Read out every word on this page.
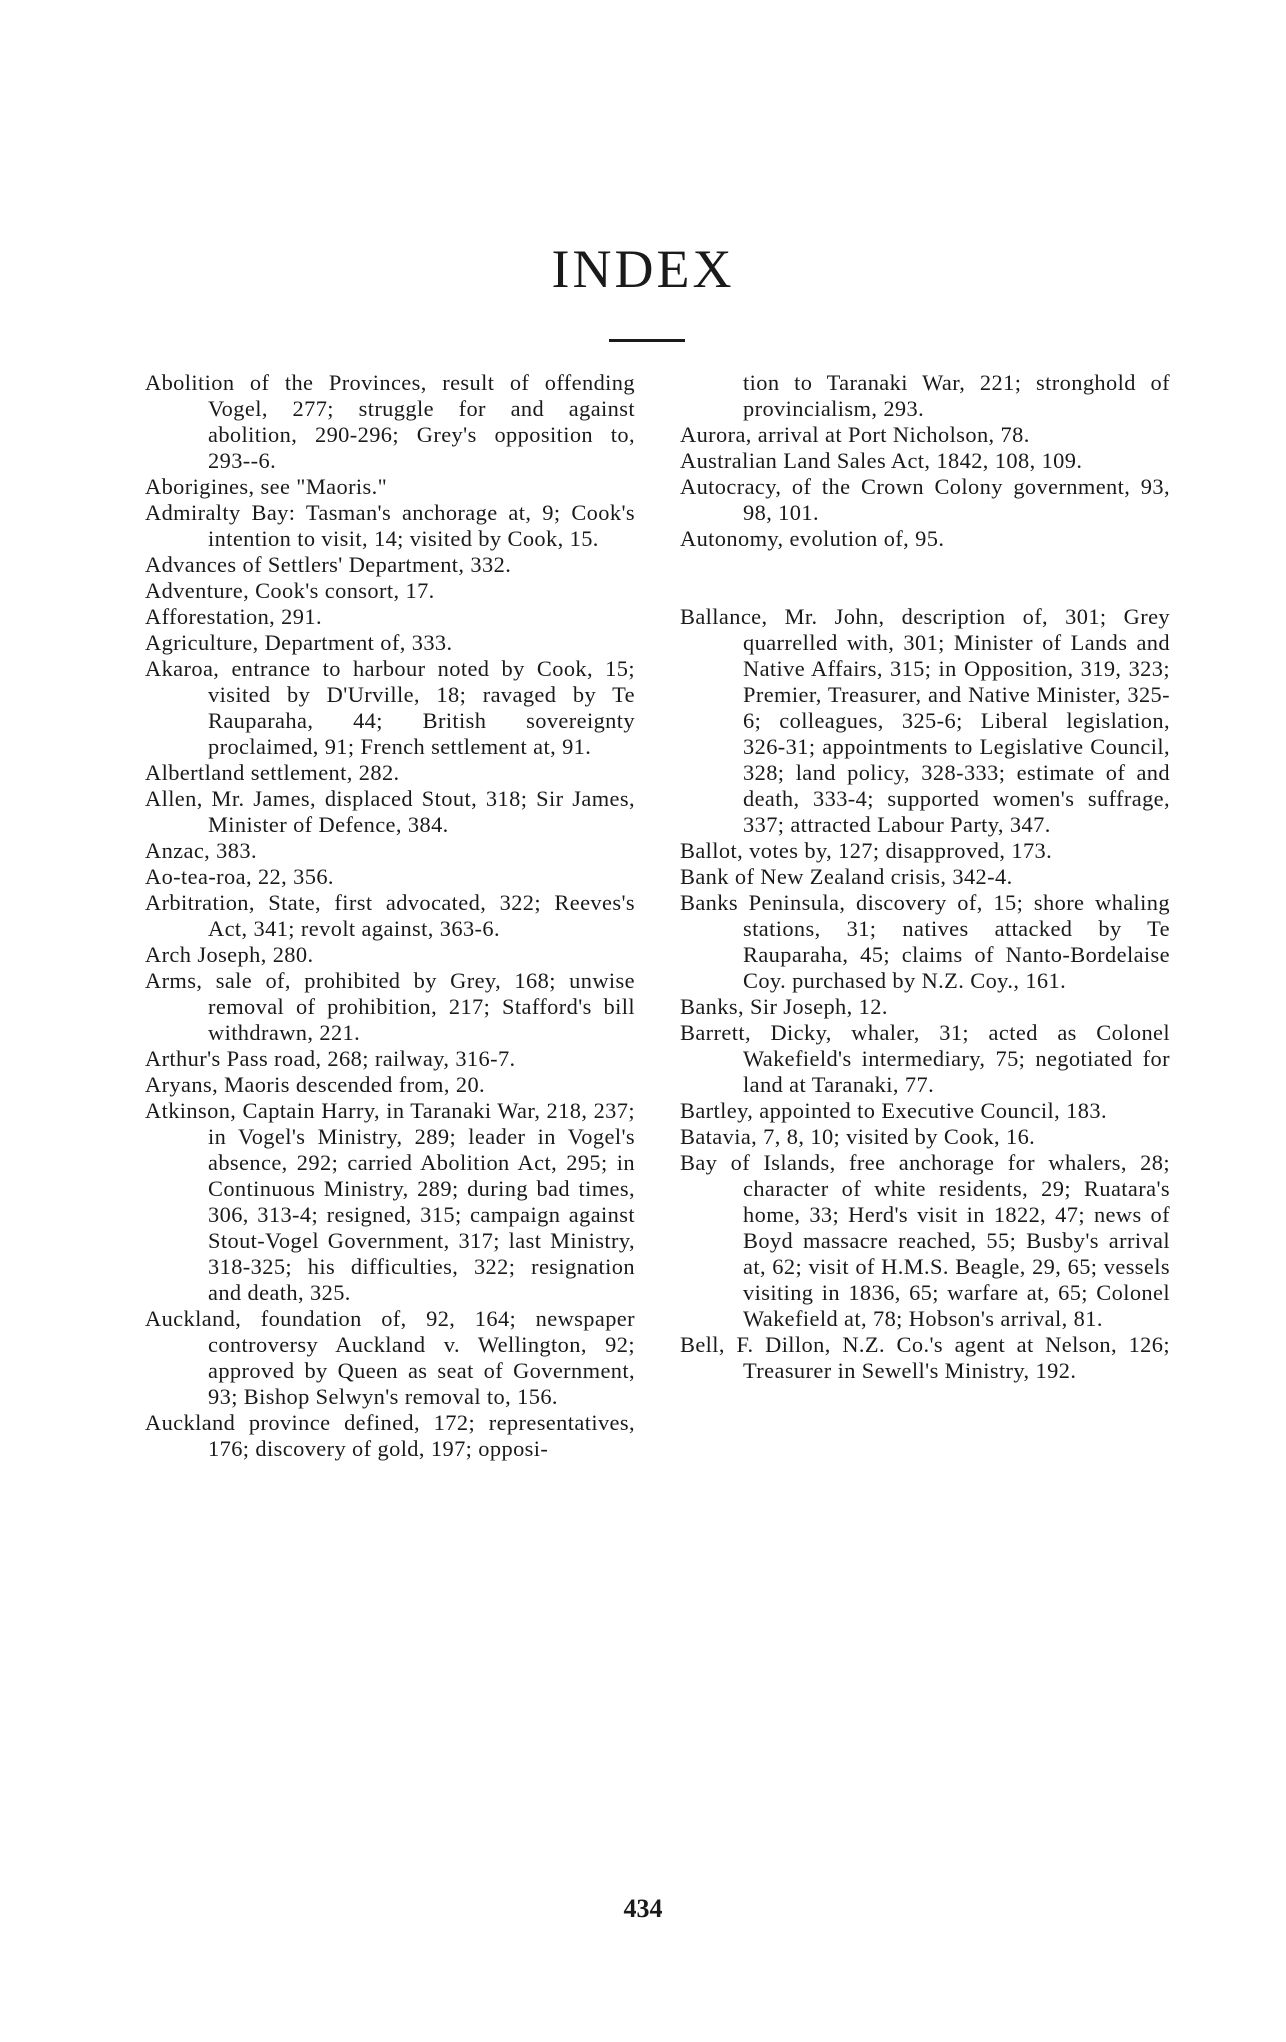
INDEX
Abolition of the Provinces, result of offending Vogel, 277; struggle for and against abolition, 290-296; Grey's opposition to, 293--6.
Aborigines, see "Maoris."
Admiralty Bay: Tasman's anchorage at, 9; Cook's intention to visit, 14; visited by Cook, 15.
Advances of Settlers' Department, 332.
Adventure, Cook's consort, 17.
Afforestation, 291.
Agriculture, Department of, 333.
Akaroa, entrance to harbour noted by Cook, 15; visited by D'Urville, 18; ravaged by Te Rauparaha, 44; British sovereignty proclaimed, 91; French settlement at, 91.
Albertland settlement, 282.
Allen, Mr. James, displaced Stout, 318; Sir James, Minister of Defence, 384.
Anzac, 383.
Ao-tea-roa, 22, 356.
Arbitration, State, first advocated, 322; Reeves's Act, 341; revolt against, 363-6.
Arch Joseph, 280.
Arms, sale of, prohibited by Grey, 168; unwise removal of prohibition, 217; Stafford's bill withdrawn, 221.
Arthur's Pass road, 268; railway, 316-7.
Aryans, Maoris descended from, 20.
Atkinson, Captain Harry, in Taranaki War, 218, 237; in Vogel's Ministry, 289; leader in Vogel's absence, 292; carried Abolition Act, 295; in Continuous Ministry, 289; during bad times, 306, 313-4; resigned, 315; campaign against Stout-Vogel Government, 317; last Ministry, 318-325; his difficulties, 322; resignation and death, 325.
Auckland, foundation of, 92, 164; newspaper controversy Auckland v. Wellington, 92; approved by Queen as seat of Government, 93; Bishop Selwyn's removal to, 156.
Auckland province defined, 172; representatives, 176; discovery of gold, 197; opposi-
tion to Taranaki War, 221; stronghold of provincialism, 293.
Aurora, arrival at Port Nicholson, 78.
Australian Land Sales Act, 1842, 108, 109.
Autocracy, of the Crown Colony government, 93, 98, 101.
Autonomy, evolution of, 95.
Ballance, Mr. John, description of, 301; Grey quarrelled with, 301; Minister of Lands and Native Affairs, 315; in Opposition, 319, 323; Premier, Treasurer, and Native Minister, 325-6; colleagues, 325-6; Liberal legislation, 326-31; appointments to Legislative Council, 328; land policy, 328-333; estimate of and death, 333-4; supported women's suffrage, 337; attracted Labour Party, 347.
Ballot, votes by, 127; disapproved, 173.
Bank of New Zealand crisis, 342-4.
Banks Peninsula, discovery of, 15; shore whaling stations, 31; natives attacked by Te Rauparaha, 45; claims of Nanto-Bordelaise Coy. purchased by N.Z. Coy., 161.
Banks, Sir Joseph, 12.
Barrett, Dicky, whaler, 31; acted as Colonel Wakefield's intermediary, 75; negotiated for land at Taranaki, 77.
Bartley, appointed to Executive Council, 183.
Batavia, 7, 8, 10; visited by Cook, 16.
Bay of Islands, free anchorage for whalers, 28; character of white residents, 29; Ruatara's home, 33; Herd's visit in 1822, 47; news of Boyd massacre reached, 55; Busby's arrival at, 62; visit of H.M.S. Beagle, 29, 65; vessels visiting in 1836, 65; warfare at, 65; Colonel Wakefield at, 78; Hobson's arrival, 81.
Bell, F. Dillon, N.Z. Co.'s agent at Nelson, 126; Treasurer in Sewell's Ministry, 192.
434
